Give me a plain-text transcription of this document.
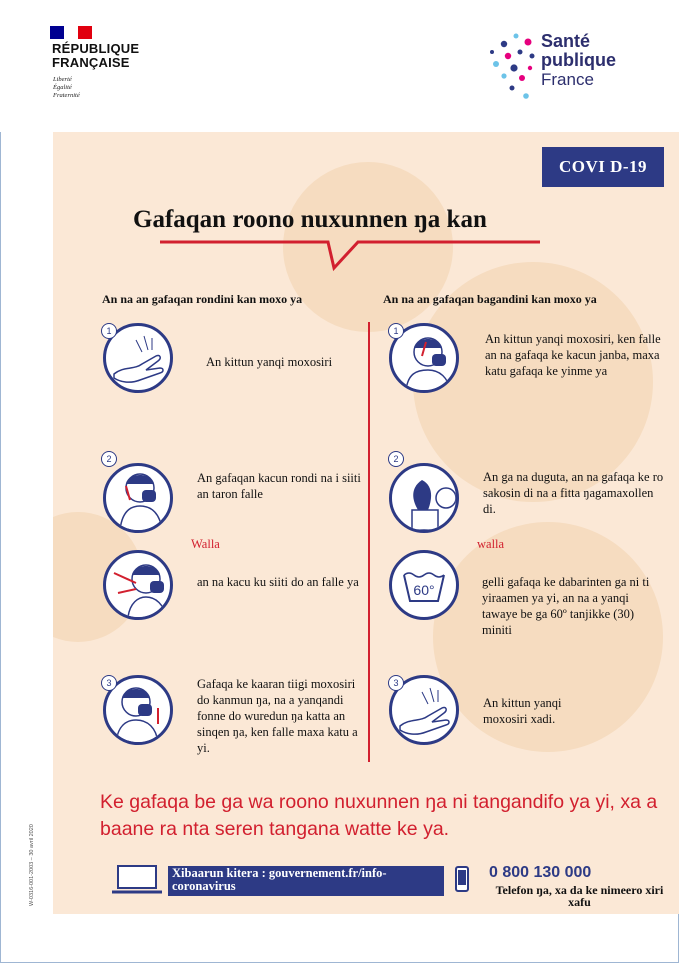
RÉPUBLIQUE
FRANÇAISE
Liberté
Égalité
Fraternité
Santé
publique
France
COVI D-19
Gafaqan roono nuxunnen ŋa kan
An na an gafaqan rondini kan moxo ya	An na an gafaqan bagandini kan moxo ya
1
An kittun yanqi moxosiri
2
An gafaqan kacun rondi na i siiti an taron falle
Walla
an na kacu ku siiti do an falle ya
3	Gafaqa ke kaaran tiigi moxosiri do kanmun ŋa, na a yanqandi fonne do wuredun ŋa katta an sinqen ŋa, ken falle maxa katu a yi.
1
An kittun yanqi moxosiri, ken falle an na gafaqa ke kacun janba, maxa katu gafaqa ke yinme ya
2
An ga na duguta, an na gafaqa ke ro sakosin di na a fitta ŋagamaxollen di.
walla
60°	gelli gafaqa ke dabarinten ga ni ti yiraamen ya yi, an na a yanqi tawaye be ga 60º tanjikke (30) miniti
3
An kittun yanqi moxosiri xadi.
Ke gafaqa be ga wa roono nuxunnen ŋa ni tangandifo ya yi, xa a baane ra nta seren tangana watte ke ya.
Xibaarun kitera : gouvernement.fr/info-
coronavirus
0 800 130 000
Telefon ŋa, xa da ke nimeero xiri xafu
W-0316-001-2003 – 30 avril 2020
